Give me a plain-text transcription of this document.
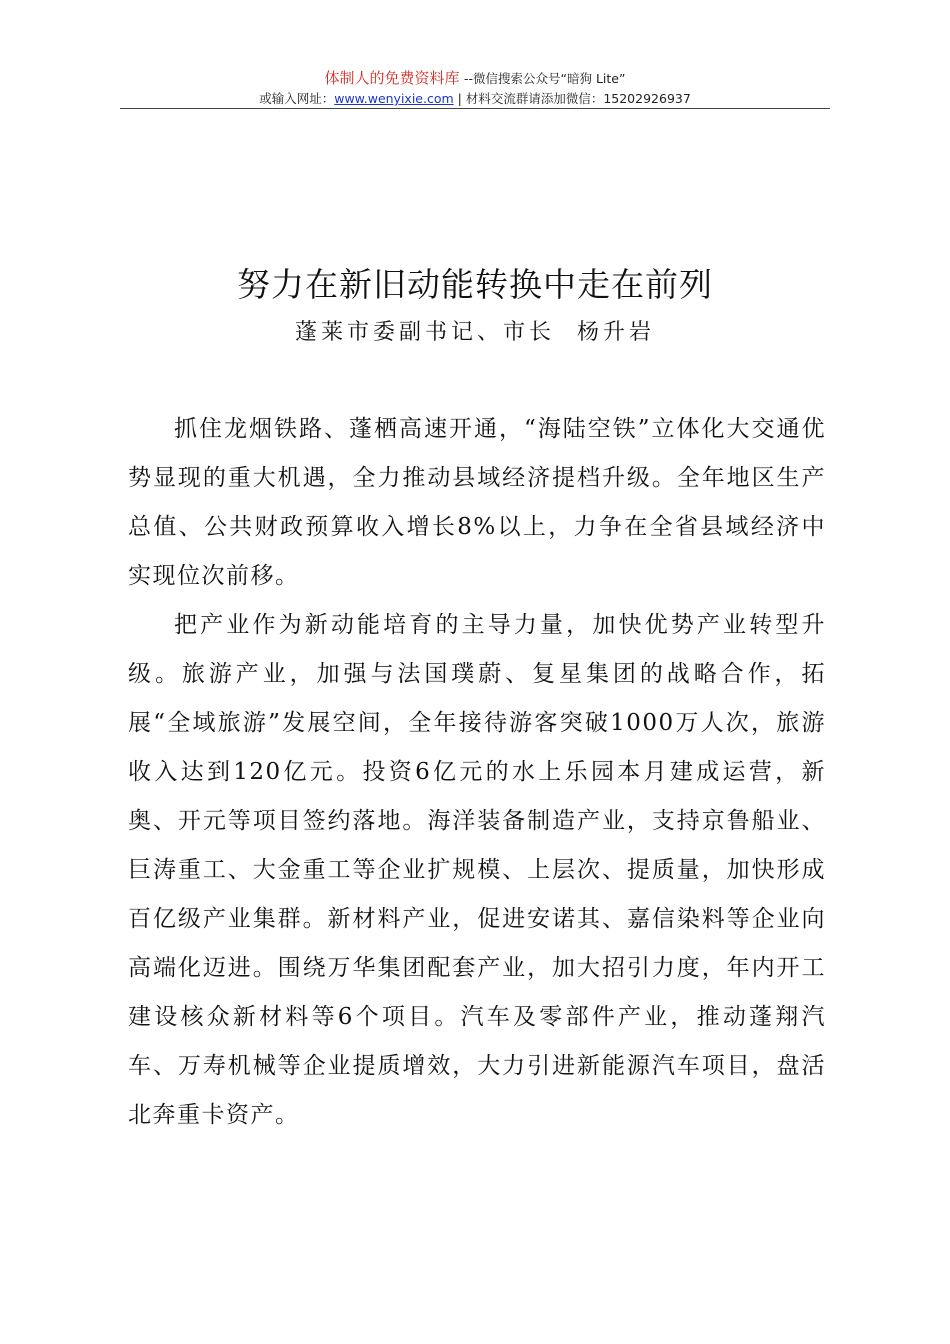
体制人的免费资料库 --微信搜索公众号“暗狗 Lite”
或输入网址：www.wenyixie.com | 材料交流群请添加微信：15202926937
努力在新旧动能转换中走在前列
蓬莱市委副书记、市长 杨升岩

抓住龙烟铁路、蓬栖高速开通，“海陆空铁”立体化大交通优势显现的重大机遇，全力推动县域经济提档升级。全年地区生产总值、公共财政预算收入增长8%以上，力争在全省县域经济中实现位次前移。

把产业作为新动能培育的主导力量，加快优势产业转型升级。旅游产业，加强与法国璞蔚、复星集团的战略合作，拓展“全域旅游”发展空间，全年接待游客突破1000万人次，旅游收入达到120亿元。投资6亿元的水上乐园本月建成运营，新奥、开元等项目签约落地。海洋装备制造产业，支持京鲁船业、巨涛重工、大金重工等企业扩规模、上层次、提质量，加快形成百亿级产业集群。新材料产业，促进安诺其、嘉信染料等企业向高端化迈进。围绕万华集团配套产业，加大招引力度，年内开工建设核众新材料等6个项目。汽车及零部件产业，推动蓬翔汽车、万寿机械等企业提质增效，大力引进新能源汽车项目，盘活北奔重卡资产。
